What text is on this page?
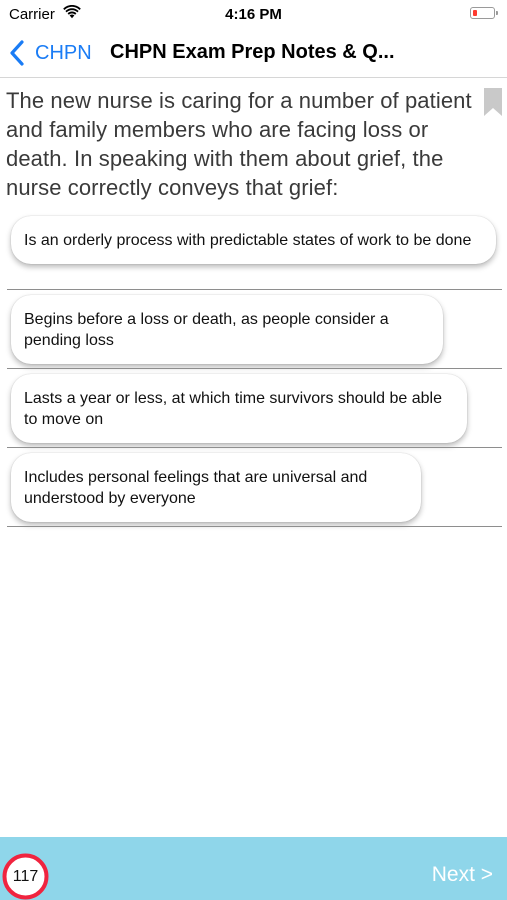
Carrier	4:16 PM
CHPN CHPN Exam Prep Notes & Q...
The new nurse is caring for a number of patient and family members who are facing loss or death. In speaking with them about grief, the nurse correctly conveys that grief:
Is an orderly process with predictable states of work to be done
Begins before a loss or death, as people consider a pending loss
Lasts a year or less, at which time survivors should be able to move on
Includes personal feelings that are universal and understood by everyone
117	Next >
